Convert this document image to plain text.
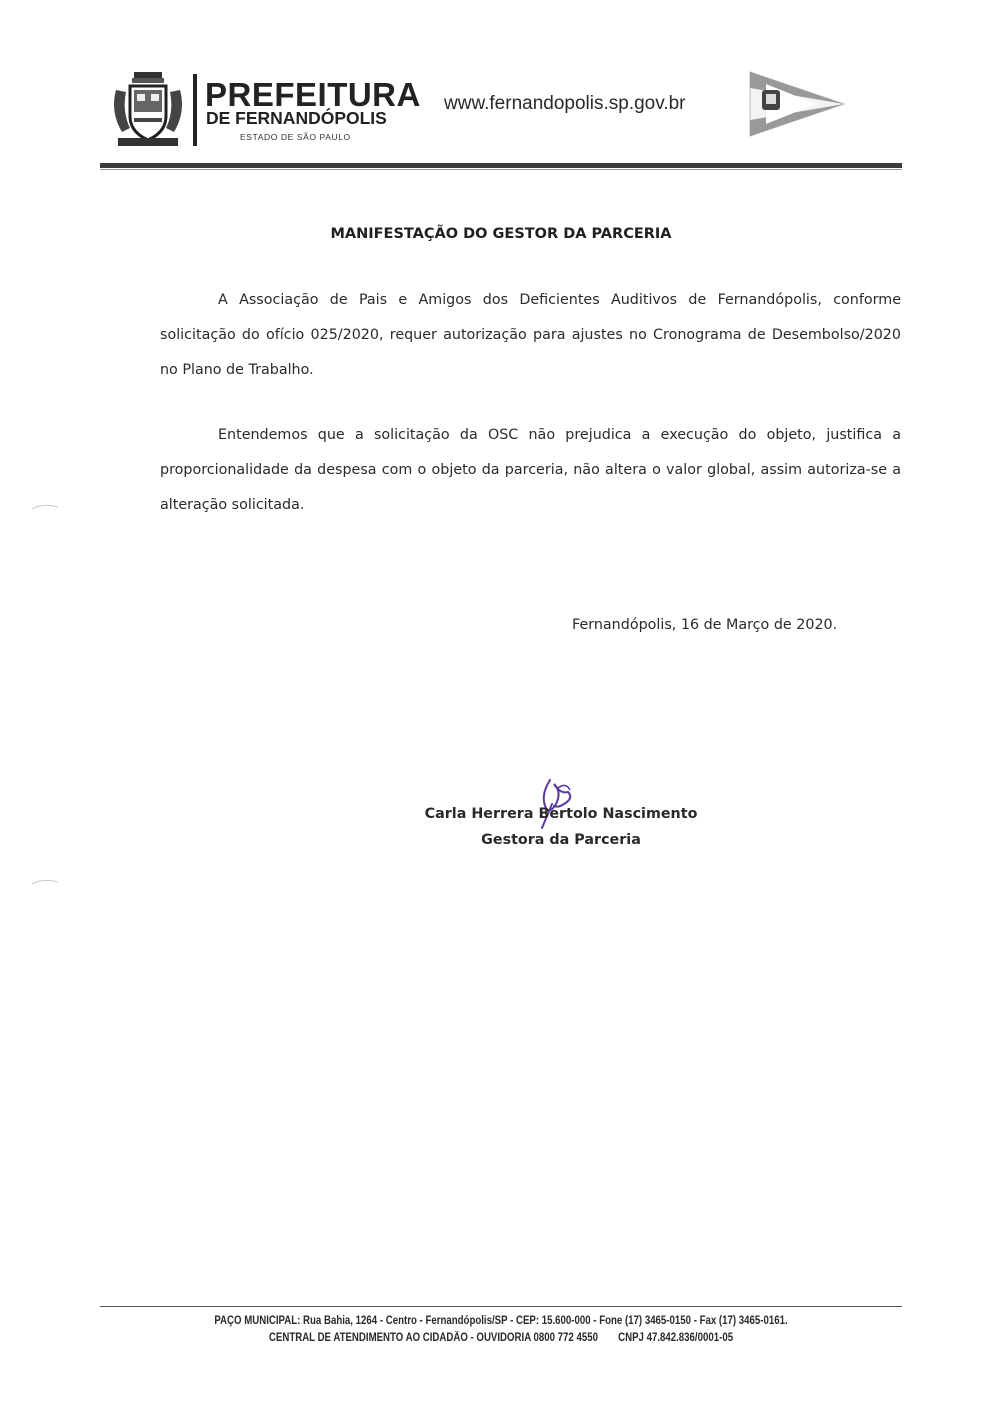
PREFEITURA
DE FERNANDÓPOLIS
ESTADO DE SÃO PAULO
www.fernandopolis.sp.gov.br
MANIFESTAÇÃO DO GESTOR DA PARCERIA
A Associação de Pais e Amigos dos Deficientes Auditivos de Fernandópolis, conforme solicitação do ofício 025/2020, requer autorização para ajustes no Cronograma de Desembolso/2020 no Plano de Trabalho.
Entendemos que a solicitação da OSC não prejudica a execução do objeto, justifica a proporcionalidade da despesa com o objeto da parceria, não altera o valor global, assim autoriza-se a alteração solicitada.
Fernandópolis, 16 de Março de 2020.
Carla Herrera Bertolo Nascimento
Gestora da Parceria
PAÇO MUNICIPAL: Rua Bahia, 1264 - Centro - Fernandópolis/SP - CEP: 15.600-000 - Fone (17) 3465-0150 - Fax (17) 3465-0161.
CENTRAL DE ATENDIMENTO AO CIDADÃO - OUVIDORIA 0800 772 4550 CNPJ 47.842.836/0001-05
